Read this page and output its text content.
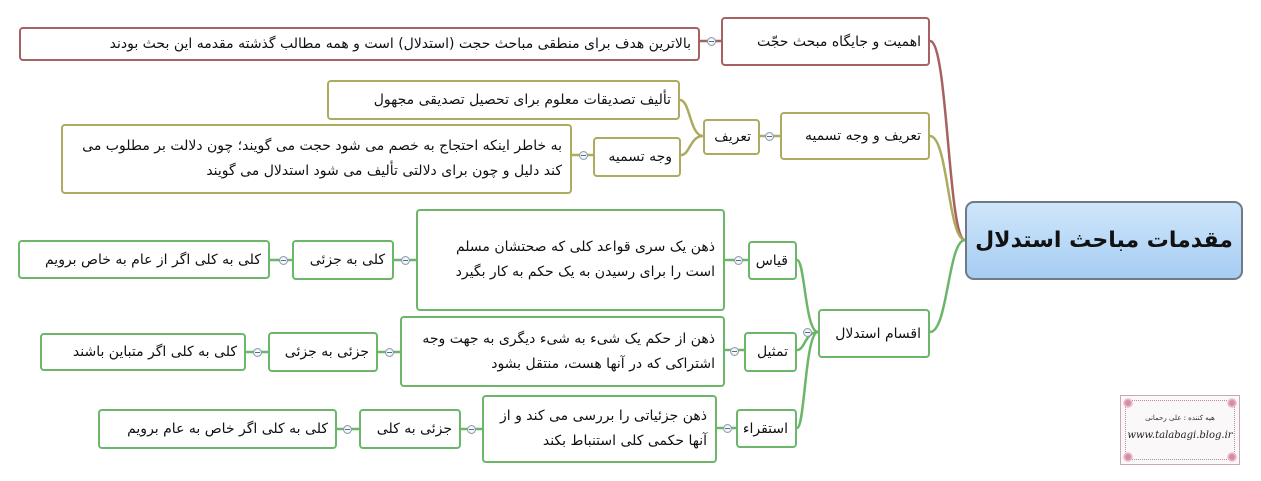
مقدمات مباحث استدلال
اهمیت و جایگاه مبحث حجّت
بالاترین هدف برای منطقی مباحث حجت (استدلال) است و همه مطالب گذشته مقدمه این بحث بودند
تعریف و وجه تسمیه
تعریف
تألیف تصدیقات معلوم برای تحصیل تصدیقی مجهول
وجه تسمیه
به خاطر اینکه احتجاج به خصم می شود حجت می گویند؛ چون دلالت بر مطلوب می کند دلیل و چون برای دلالتی تألیف می شود استدلال می گویند
اقسام استدلال
قیاس
ذهن یک سری قواعد کلی که صحتشان مسلم است را برای رسیدن به یک حکم به کار بگیرد
کلی به جزئی
کلی به کلی اگر از عام به خاص برویم
تمثیل
ذهن از حکم یک شیء به شیء دیگری به جهت وجه اشتراکی که در آنها هست، منتقل بشود
جزئی به جزئی
کلی به کلی اگر متباین باشند
استقراء
ذهن جزئیاتی را بررسی می کند و از آنها حکمی کلی استنباط بکند
جزئی به کلی
کلی به کلی اگر خاص به عام برویم
هیه کننده : علی رحمانی
www.talabagi.blog.ir
